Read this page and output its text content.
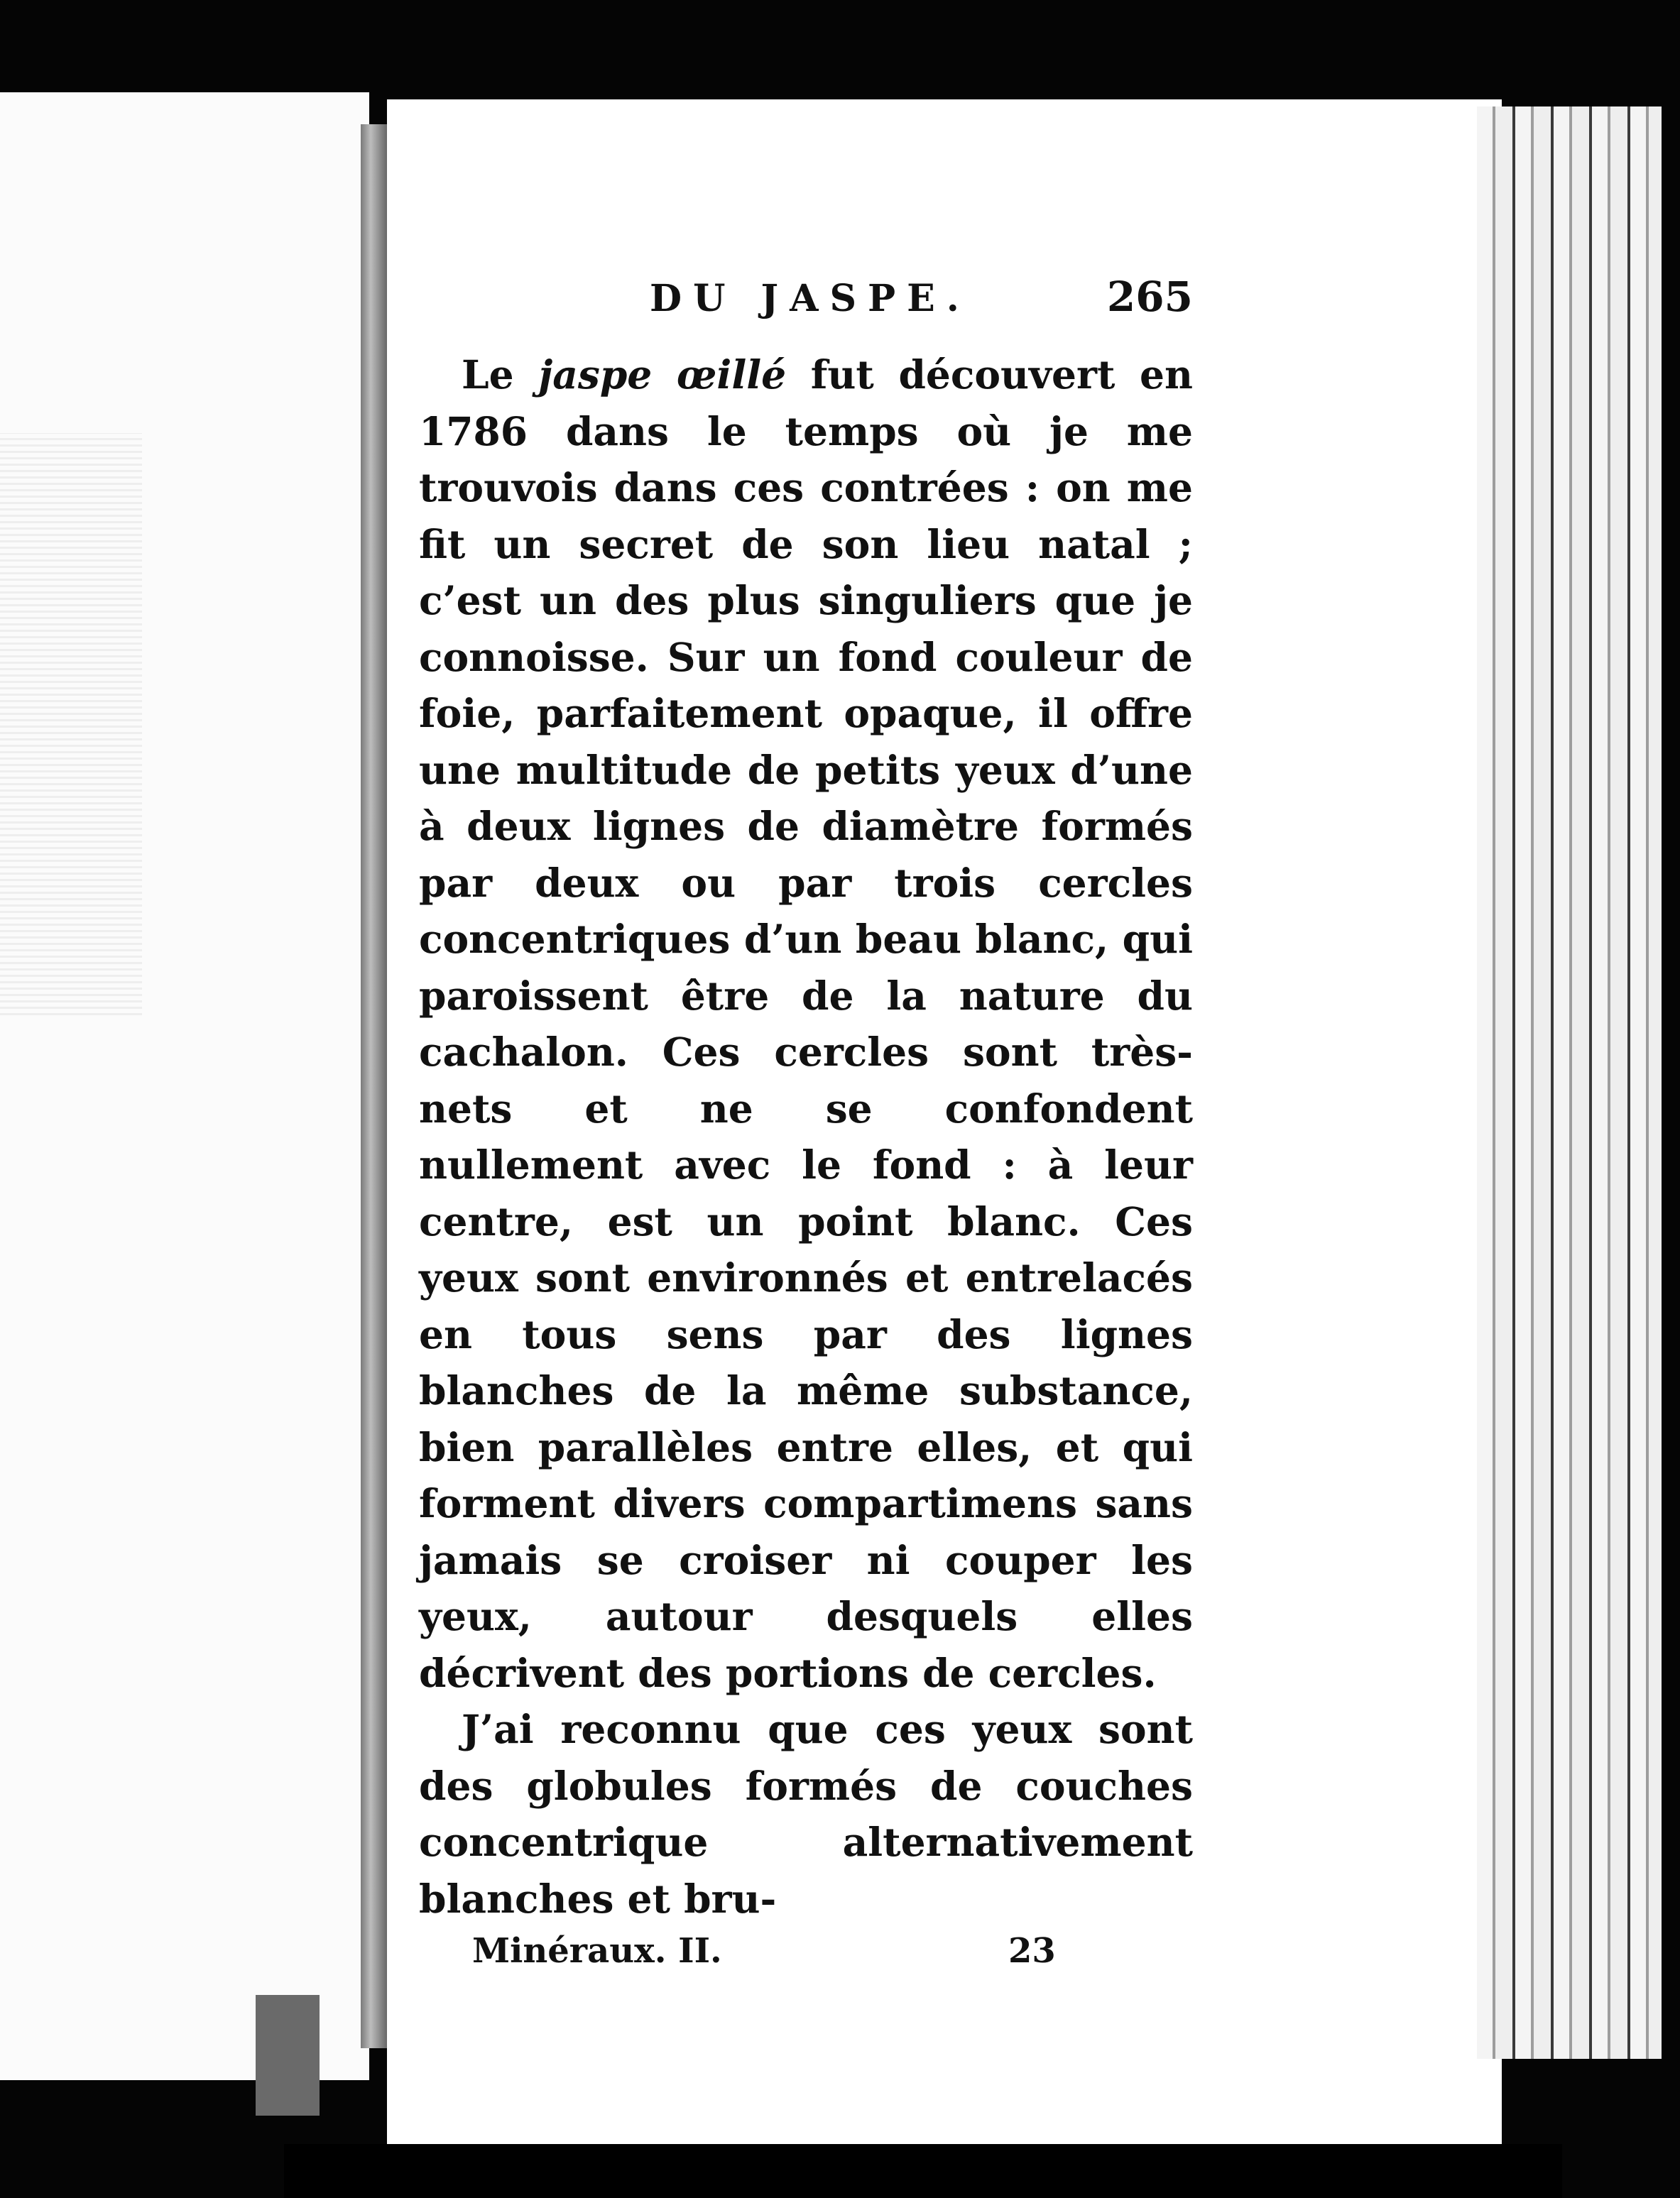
DU JASPE.	265

Le jaspe œillé fut découvert en 1786 dans le temps où je me trouvois dans ces contrées : on me fit un secret de son lieu natal ; c’est un des plus singuliers que je connoisse. Sur un fond couleur de foie, parfaitement opaque, il offre une multitude de petits yeux d’une à deux lignes de diamètre formés par deux ou par trois cercles concentriques d’un beau blanc, qui paroissent être de la nature du cachalon. Ces cercles sont très-nets et ne se confondent nullement avec le fond : à leur centre, est un point blanc. Ces yeux sont environnés et entrelacés en tous sens par des lignes blanches de la même substance, bien parallèles entre elles, et qui forment divers compartimens sans jamais se croiser ni couper les yeux, autour desquels elles décrivent des portions de cercles.

J’ai reconnu que ces yeux sont des globules formés de couches concentrique alternativement blanches et bru-

Minéraux. II.	23
